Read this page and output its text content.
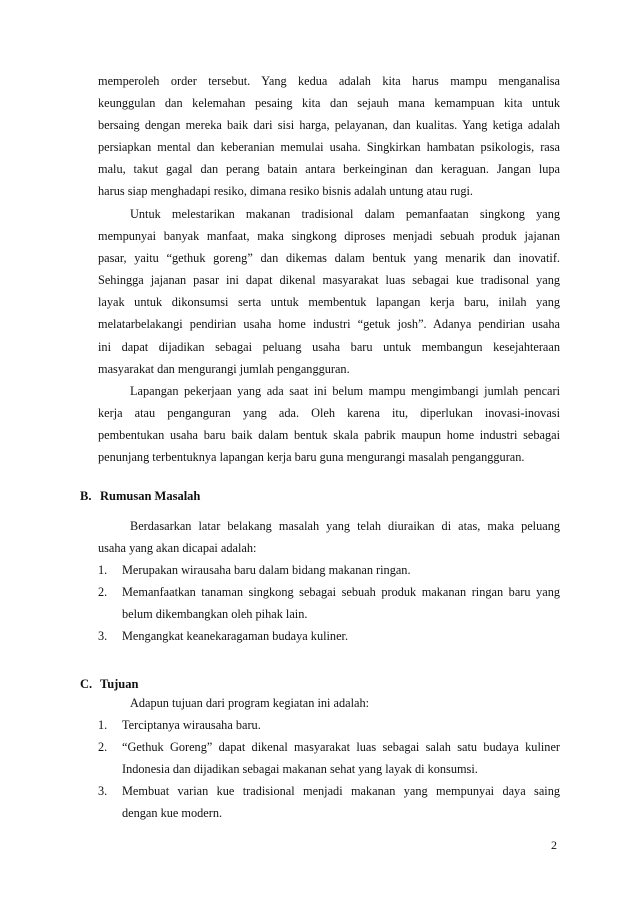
memperoleh order tersebut. Yang kedua adalah kita harus mampu menganalisa
keunggulan dan kelemahan pesaing kita dan sejauh mana kemampuan kita untuk
bersaing dengan mereka baik dari sisi harga, pelayanan, dan kualitas. Yang ketiga adalah
persiapkan mental dan keberanian memulai usaha. Singkirkan hambatan psikologis, rasa
malu, takut gagal dan perang batain antara berkeinginan dan keraguan. Jangan lupa
harus siap menghadapi resiko, dimana resiko bisnis adalah untung atau rugi.
Untuk melestarikan makanan tradisional dalam pemanfaatan singkong yang
mempunyai banyak manfaat, maka singkong diproses menjadi sebuah produk jajanan
pasar, yaitu “gethuk goreng” dan dikemas dalam bentuk yang menarik dan inovatif.
Sehingga jajanan pasar ini dapat dikenal masyarakat luas sebagai kue tradisonal yang
layak untuk dikonsumsi serta untuk membentuk lapangan kerja baru, inilah yang
melatarbelakangi pendirian usaha home industri “getuk josh”. Adanya pendirian usaha
ini dapat dijadikan sebagai peluang usaha baru untuk membangun kesejahteraan
masyarakat dan mengurangi jumlah pengangguran.
Lapangan pekerjaan yang ada saat ini belum mampu mengimbangi jumlah pencari
kerja atau penganguran yang ada. Oleh karena itu, diperlukan inovasi-inovasi
pembentukan usaha baru baik dalam bentuk skala pabrik maupun home industri sebagai
penunjang terbentuknya lapangan kerja baru guna mengurangi masalah pengangguran.
B. Rumusan Masalah
Berdasarkan latar belakang masalah yang telah diuraikan di atas, maka peluang
usaha yang akan dicapai adalah:
1. Merupakan wirausaha baru dalam bidang makanan ringan.
2. Memanfaatkan tanaman singkong sebagai sebuah produk makanan ringan baru yang
belum dikembangkan oleh pihak lain.
3. Mengangkat keanekaragaman budaya kuliner.
C. Tujuan
Adapun tujuan dari program kegiatan ini adalah:
1. Terciptanya wirausaha baru.
2. “Gethuk Goreng” dapat dikenal masyarakat luas sebagai salah satu budaya kuliner
Indonesia dan dijadikan sebagai makanan sehat yang layak di konsumsi.
3. Membuat varian kue tradisional menjadi makanan yang mempunyai daya saing
dengan kue modern.
2
